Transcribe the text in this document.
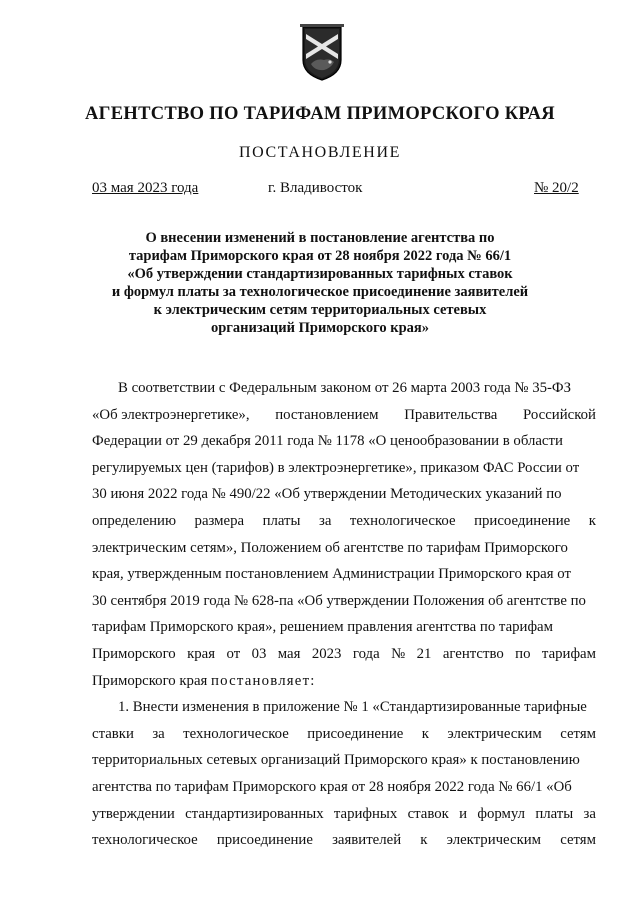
АГЕНТСТВО ПО ТАРИФАМ ПРИМОРСКОГО КРАЯ
ПОСТАНОВЛЕНИЕ
03 мая 2023 года	г. Владивосток	№ 20/2
О внесении изменений в постановление агентства по
тарифам Приморского края от 28 ноября 2022 года № 66/1
«Об утверждении стандартизированных тарифных ставок
и формул платы за технологическое присоединение заявителей
к электрическим сетям территориальных сетевых
организаций Приморского края»
В соответствии с Федеральным законом от 26 марта 2003 года № 35-ФЗ
«Об электроэнергетике», постановлением Правительства Российской
Федерации от 29 декабря 2011 года № 1178 «О ценообразовании в области
регулируемых цен (тарифов) в электроэнергетике», приказом ФАС России от
30 июня 2022 года № 490/22 «Об утверждении Методических указаний по
определению размера платы за технологическое присоединение к
электрическим сетям», Положением об агентстве по тарифам Приморского
края, утвержденным постановлением Администрации Приморского края от
30 сентября 2019 года № 628-па «Об утверждении Положения об агентстве по
тарифам Приморского края», решением правления агентства по тарифам
Приморского края от 03 мая 2023 года № 21 агентство по тарифам
Приморского края постановляет:
1. Внести изменения в приложение № 1 «Стандартизированные тарифные
ставки за технологическое присоединение к электрическим сетям
территориальных сетевых организаций Приморского края» к постановлению
агентства по тарифам Приморского края от 28 ноября 2022 года № 66/1 «Об
утверждении стандартизированных тарифных ставок и формул платы за
технологическое присоединение заявителей к электрическим сетям
